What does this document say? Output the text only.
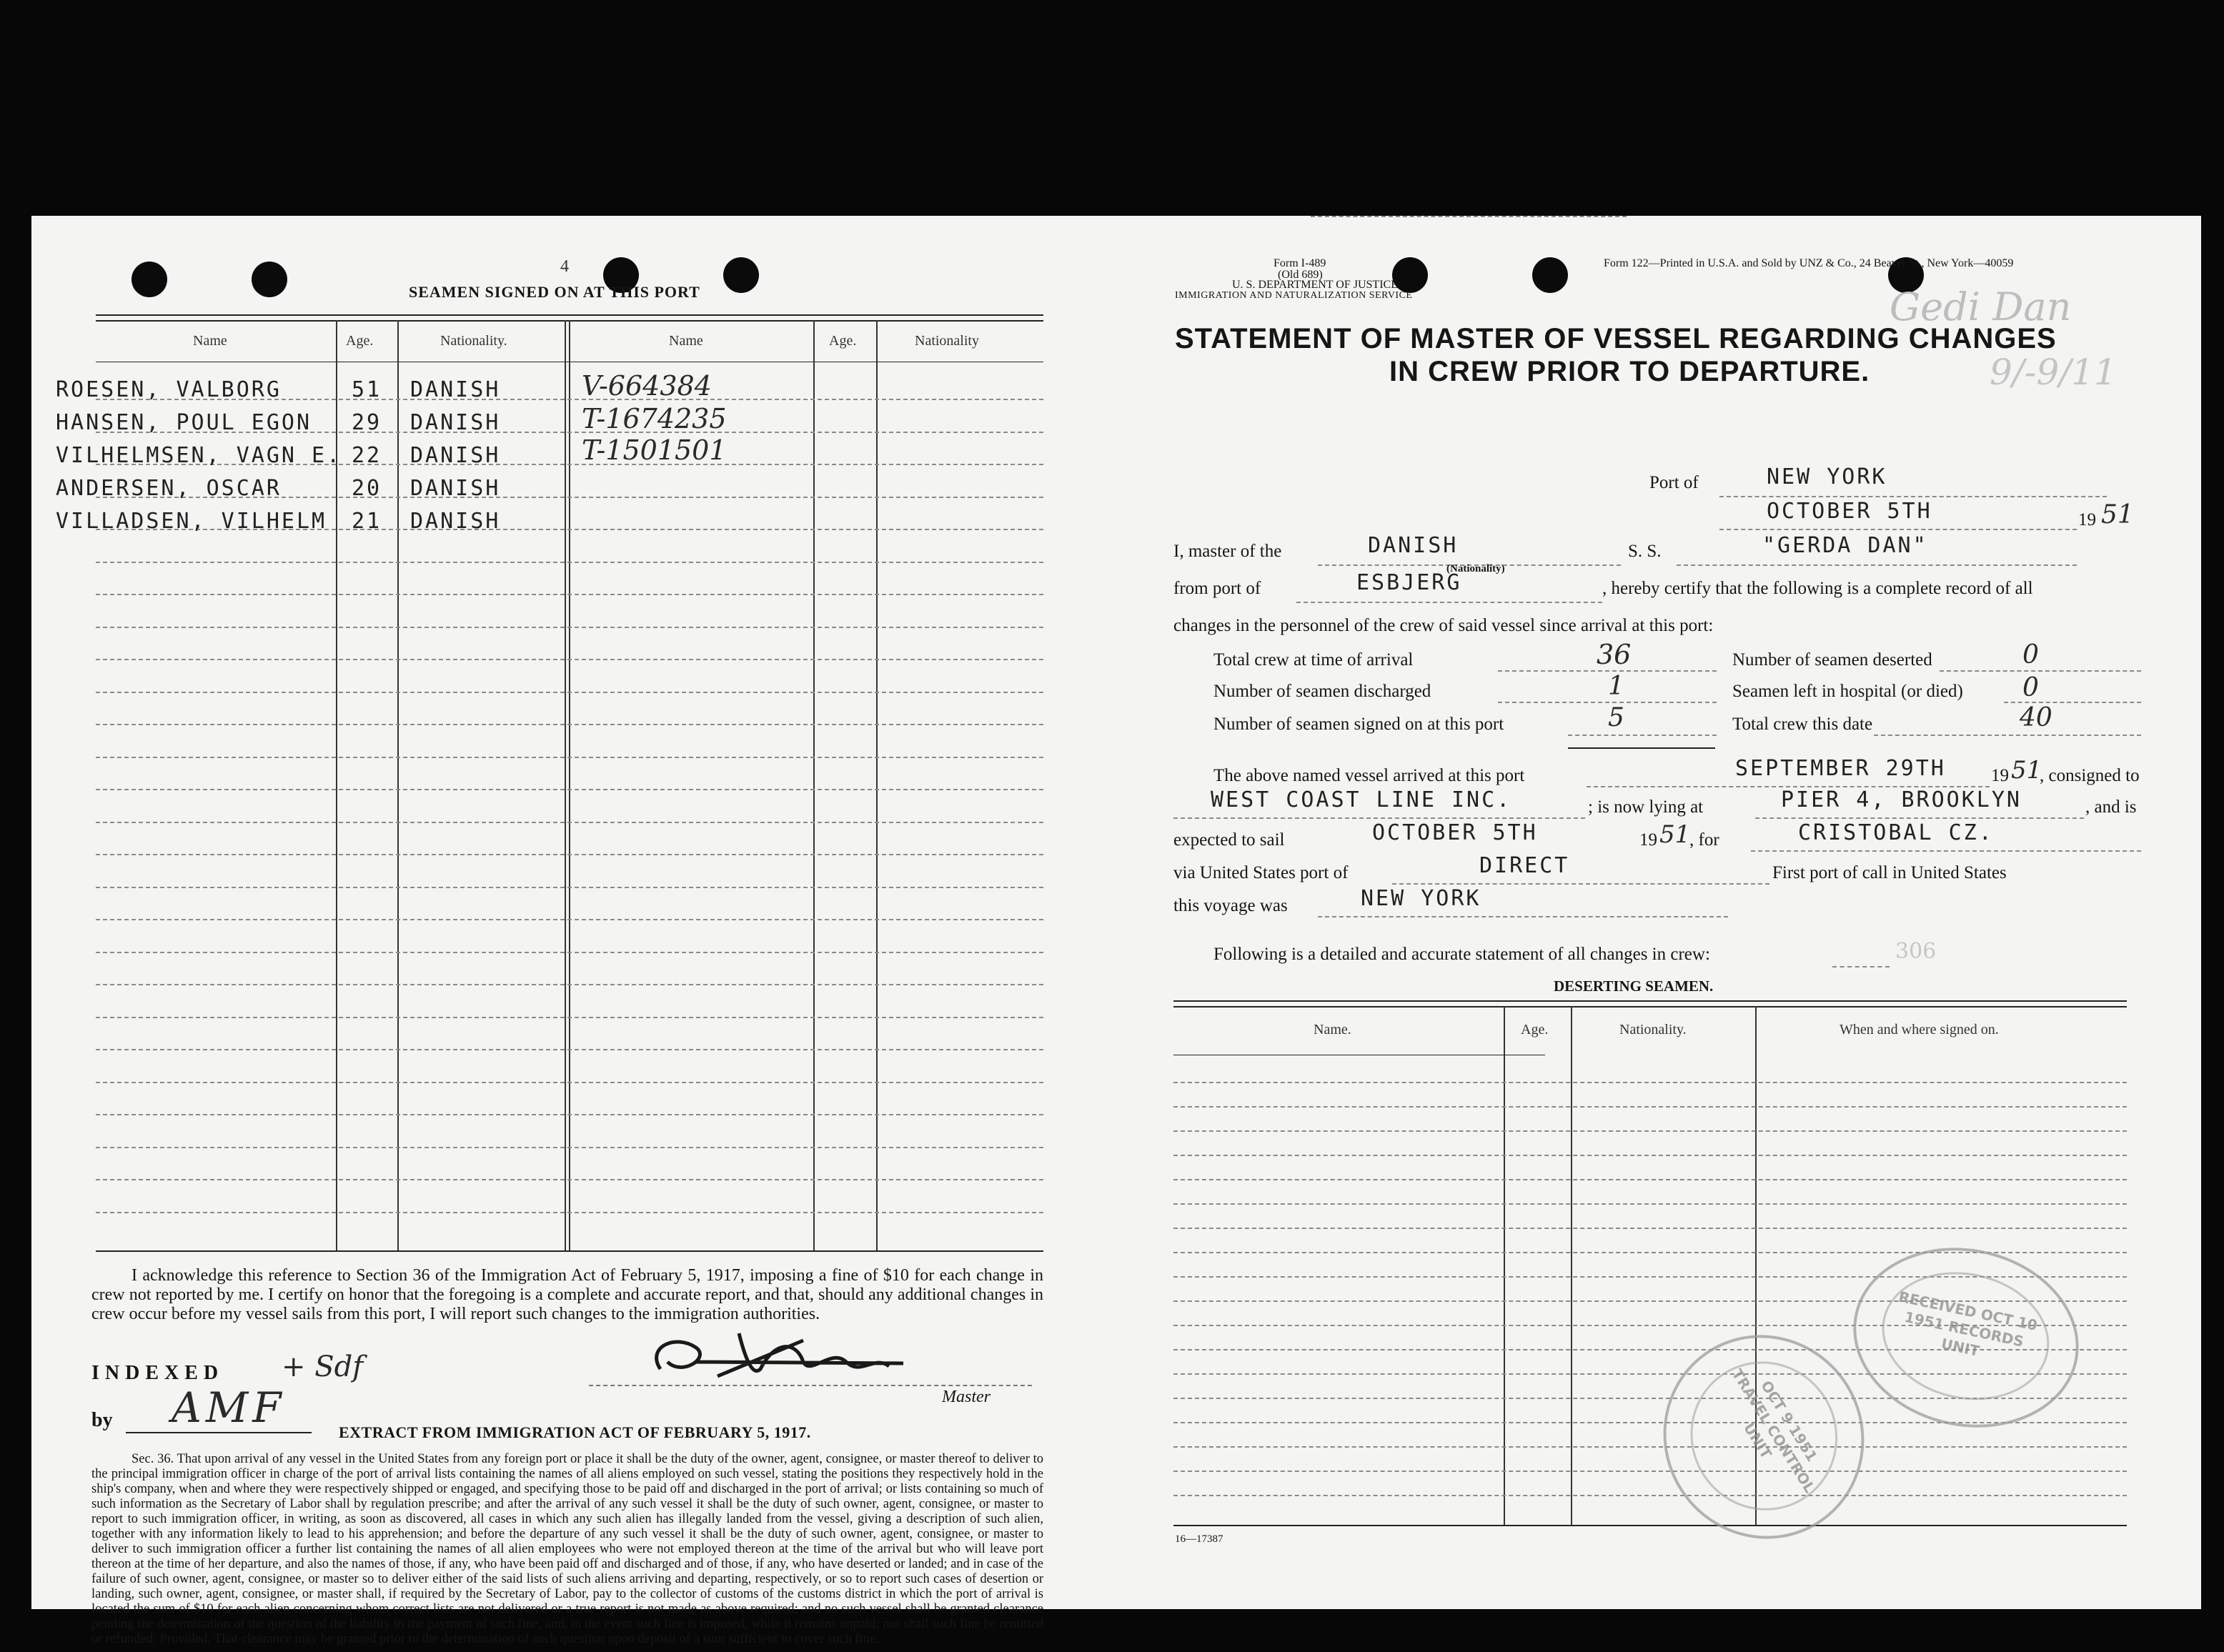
4
SEAMEN SIGNED ON AT THIS PORT
Name	Age.	Nationality.	Name	Age.	Nationality
ROESEN, VALBORG	51 DANISH	V-664384
HANSEN, POUL EGON 29 DANISH	T-1674235
VILHELMSEN, VAGN E. 22 DANISH	T-1501501
ANDERSEN, OSCAR	20 DANISH
VILLADSEN, VILHELM 21 DANISH
I acknowledge this reference to Section 36 of the Immigration Act of February 5, 1917, imposing a fine of $10 for each change in crew not reported by me. I certify on honor that the foregoing is a complete and accurate report, and that, should any additional changes in crew occur before my vessel sails from this port, I will report such changes to the immigration authorities.
INDEXED + Sdf
by AMF	Master
EXTRACT FROM IMMIGRATION ACT OF FEBRUARY 5, 1917.
Sec. 36. That upon arrival of any vessel in the United States from any foreign port or place it shall be the duty of the owner, agent, consignee, or master thereof to deliver to the principal immigration officer in charge of the port of arrival lists containing the names of all aliens employed on such vessel, stating the positions they respectively hold in the ship's company, when and where they were respectively shipped or engaged, and specifying those to be paid off and discharged in the port of arrival; or lists containing so much of such information as the Secretary of Labor shall by regulation prescribe; and after the arrival of any such vessel it shall be the duty of such owner, agent, consignee, or master to report to such immigration officer, in writing, as soon as discovered, all cases in which any such alien has illegally landed from the vessel, giving a description of such alien, together with any information likely to lead to his apprehension; and before the departure of any such vessel it shall be the duty of such owner, agent, consignee, or master to deliver to such immigration officer a further list containing the names of all alien employees who were not employed thereon at the time of the arrival but who will leave port thereon at the time of her departure, and also the names of those, if any, who have been paid off and discharged and of those, if any, who have deserted or landed; and in case of the failure of such owner, agent, consignee, or master so to deliver either of the said lists of such aliens arriving and departing, respectively, or so to report such cases of desertion or landing, such owner, agent, consignee, or master shall, if required by the Secretary of Labor, pay to the collector of customs of the customs district in which the port of arrival is located the sum of $10 for each alien concerning whom correct lists are not delivered or a true report is not made as above required; and no such vessel shall be granted clearance pending the determination of the question of the liability to the payment of such fine, and, in the event such fine is imposed, while it remains unpaid; nor shall such fine be remitted or refunded; Provided, That clearance may be granted prior to the determination of such question upon deposit of a sum sufficient to cover such fine.
Form I-489
(Old 689)
U. S. DEPARTMENT OF JUSTICE
IMMIGRATION AND NATURALIZATION SERVICE
Form 122—Printed in U.S.A. and Sold by UNZ & Co., 24 Beaver St., New York—40059
Gedi Dan
9/-9/11
STATEMENT OF MASTER OF VESSEL REGARDING CHANGES
IN CREW PRIOR TO DEPARTURE.
Port of	NEW YORK
OCTOBER 5TH	19 51
I, master of the	DANISH
(Nationality)
S. S.	"GERDA DAN"
from port of	ESBJERG	, hereby certify that the following is a complete record of all
changes in the personnel of the crew of said vessel since arrival at this port:
Total crew at time of arrival	36	Number of seamen deserted	0
Number of seamen discharged	1	Seamen left in hospital (or died) 0
Number of seamen signed on at this port	5	Total crew this date	40
The above named vessel arrived at this port	SEPTEMBER 29TH	19 51
, consigned to
WEST COAST LINE INC.	; is now lying at	PIER 4, BROOKLYN	, and is
expected to sail	OCTOBER 5TH	19 51
, for	CRISTOBAL CZ.
via United States port of	DIRECT	First port of call in United States
this voyage was	NEW YORK
Following is a detailed and accurate statement of all changes in crew:	306
DESERTING SEAMEN.
Name.	Age.	Nationality.	When and where signed on.
16—17387
RECEIVED OCT 10 1951 RECORDS UNIT
OCT 9 1951 TRAVEL CONTROL UNIT
